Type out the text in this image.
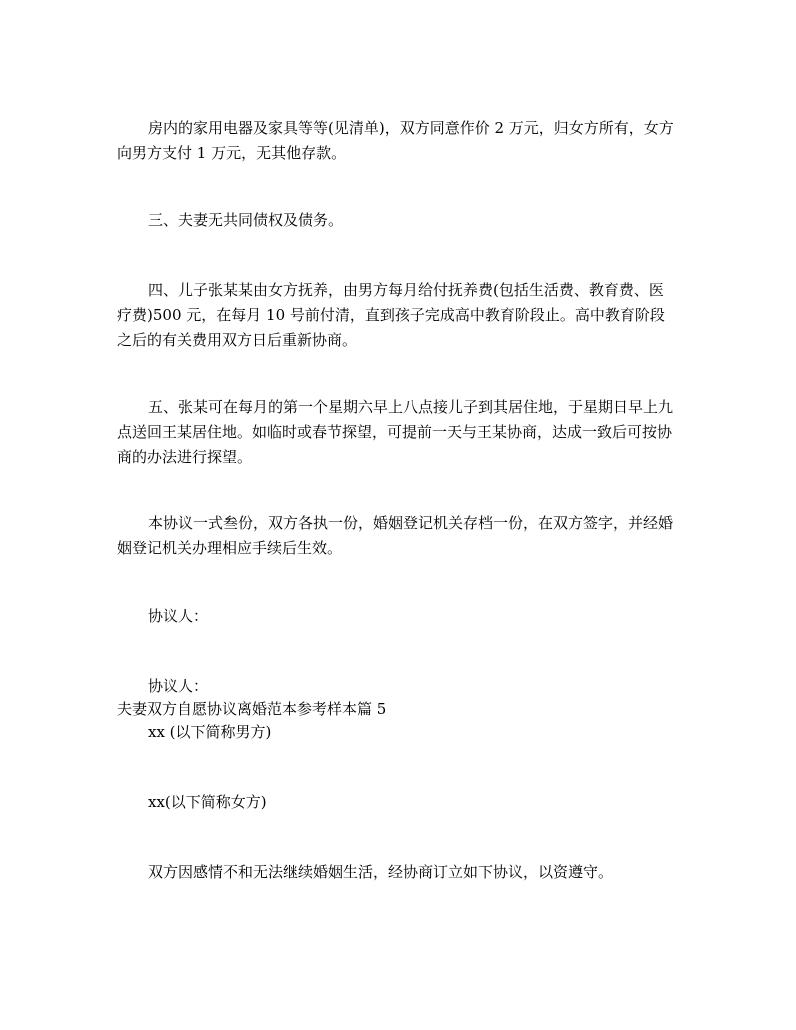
房内的家用电器及家具等等(见清单)，双方同意作价 2 万元，归女方所有，女方向男方支付 1 万元，无其他存款。
三、夫妻无共同债权及债务。
四、儿子张某某由女方抚养，由男方每月给付抚养费(包括生活费、教育费、医疗费)500 元，在每月 10 号前付清，直到孩子完成高中教育阶段止。高中教育阶段之后的有关费用双方日后重新协商。
五、张某可在每月的第一个星期六早上八点接儿子到其居住地，于星期日早上九点送回王某居住地。如临时或春节探望，可提前一天与王某协商，达成一致后可按协商的办法进行探望。
本协议一式叁份，双方各执一份，婚姻登记机关存档一份，在双方签字，并经婚姻登记机关办理相应手续后生效。
协议人：
协议人：
夫妻双方自愿协议离婚范本参考样本篇 5
xx (以下简称男方)
xx(以下简称女方)
双方因感情不和无法继续婚姻生活，经协商订立如下协议，以资遵守。
